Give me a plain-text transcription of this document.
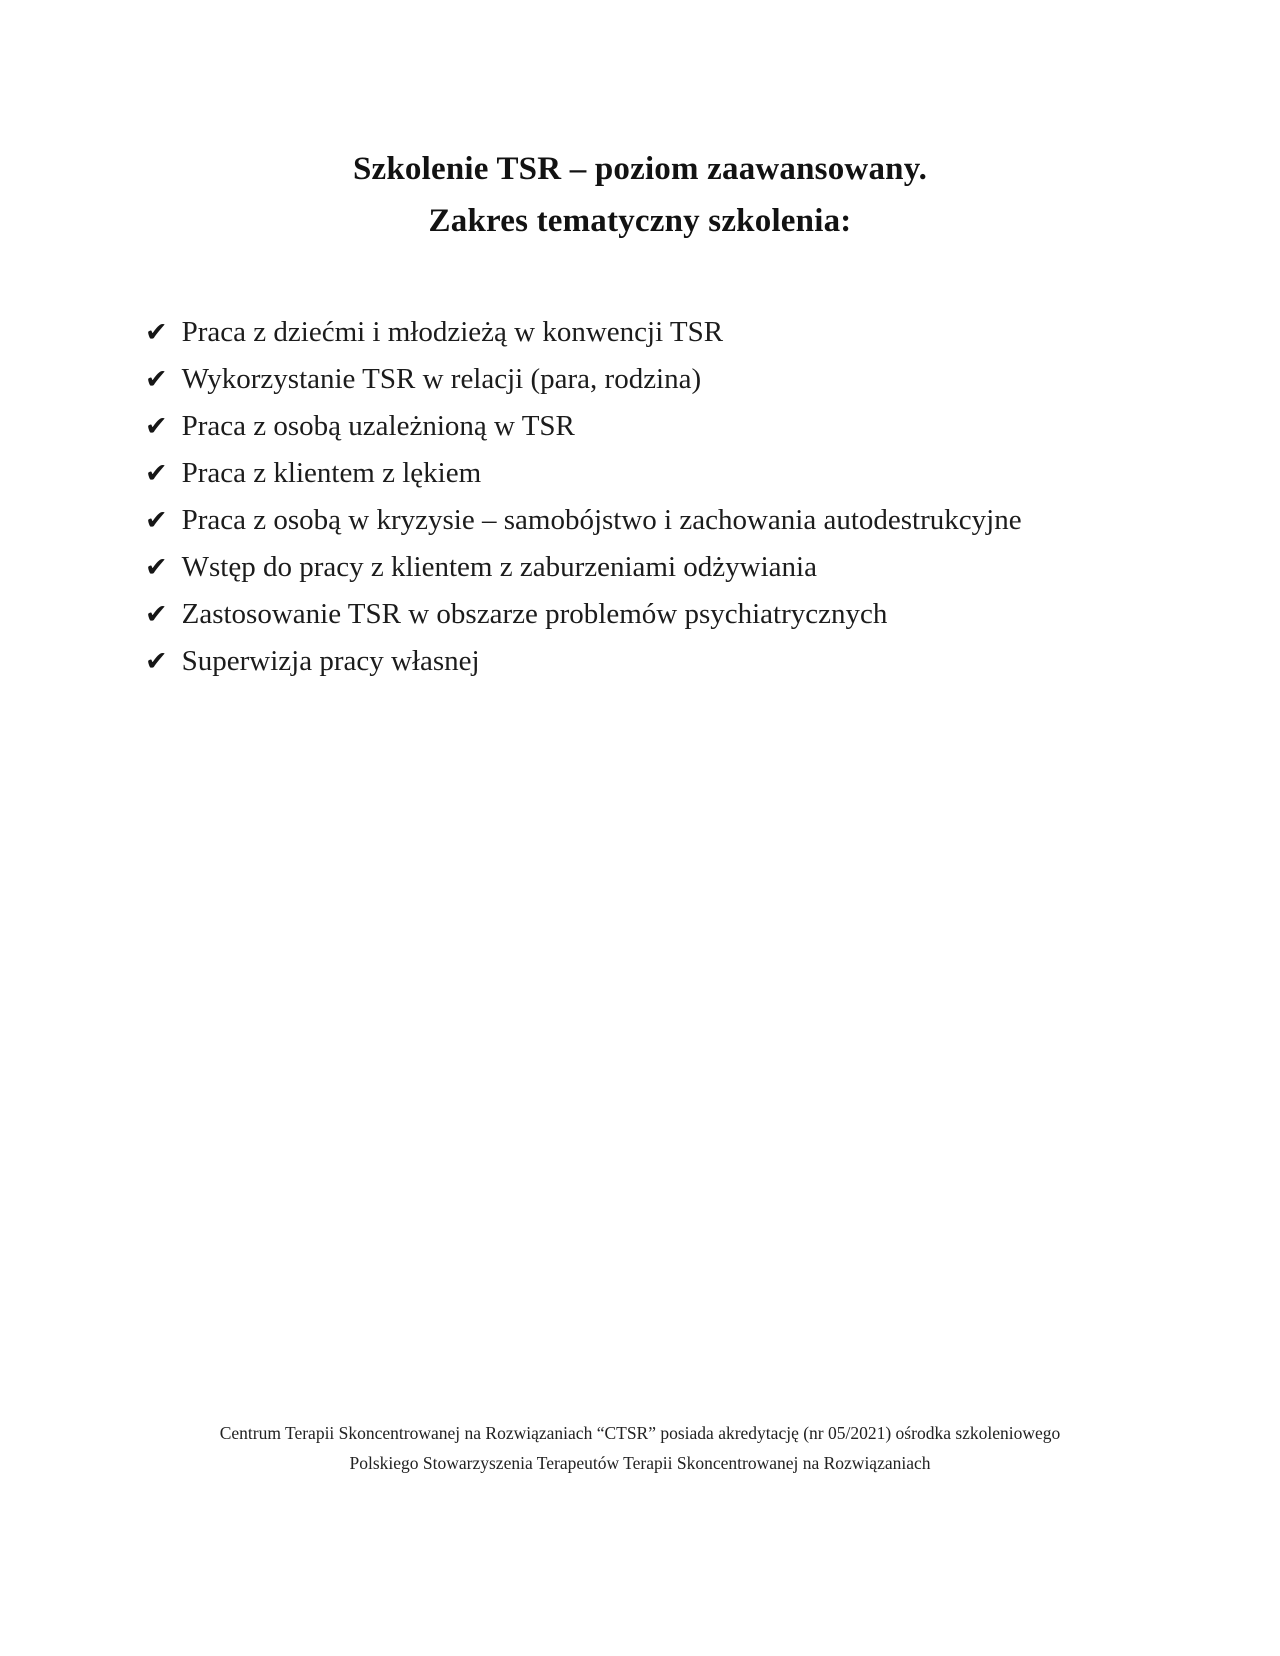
Szkolenie TSR – poziom zaawansowany.
Zakres tematyczny szkolenia:
✔ Praca z dziećmi i młodzieżą w konwencji TSR
✔ Wykorzystanie TSR w relacji (para, rodzina)
✔ Praca z osobą uzależnioną w TSR
✔ Praca z klientem z lękiem
✔ Praca z osobą w kryzysie – samobójstwo i zachowania autodestrukcyjne
✔ Wstęp do pracy z klientem z zaburzeniami odżywiania
✔ Zastosowanie TSR w obszarze problemów psychiatrycznych
✔ Superwizja pracy własnej
Centrum Terapii Skoncentrowanej na Rozwiązaniach “CTSR” posiada akredytację (nr 05/2021) ośrodka szkoleniowego
Polskiego Stowarzyszenia Terapeutów Terapii Skoncentrowanej na Rozwiązaniach
